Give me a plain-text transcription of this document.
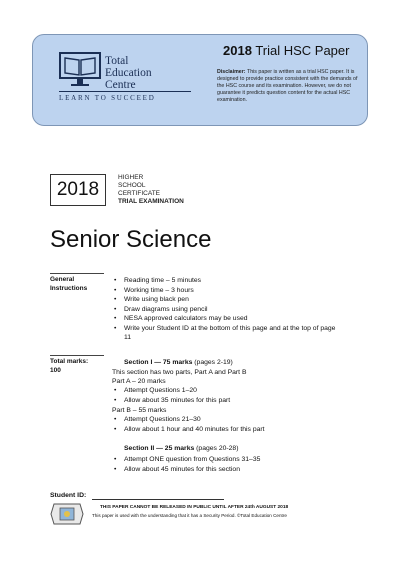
Total
Education
Centre
LEARN TO SUCCEED
2018 Trial HSC Paper
Disclaimer: This paper is written as a trial HSC paper. It is designed to provide practice consistent with the demands of the HSC course and its examination. However, we do not guarantee it predicts question content for the actual HSC examination.
2018
HIGHER
SCHOOL
CERTIFICATE
TRIAL EXAMINATION
Senior Science
General
Instructions
• Reading time – 5 minutes
• Working time – 3 hours
• Write using black pen
• Draw diagrams using pencil
• NESA approved calculators may be used
• Write your Student ID at the bottom of this page and at the top of page 11
Total marks:
100
Section I — 75 marks (pages 2-19)
This section has two parts, Part A and Part B
Part A – 20 marks
• Attempt Questions 1–20
• Allow about 35 minutes for this part
Part B – 55 marks
• Attempt Questions 21–30
• Allow about 1 hour and 40 minutes for this part
Section II — 25 marks (pages 20-28)
• Attempt ONE question from Questions 31–35
• Allow about 45 minutes for this section
Student ID:
THIS PAPER CANNOT BE RELEASED IN PUBLIC UNTIL AFTER 24th AUGUST 2018
This paper is used with the understanding that it has a Security Period. ©Total Education Centre
